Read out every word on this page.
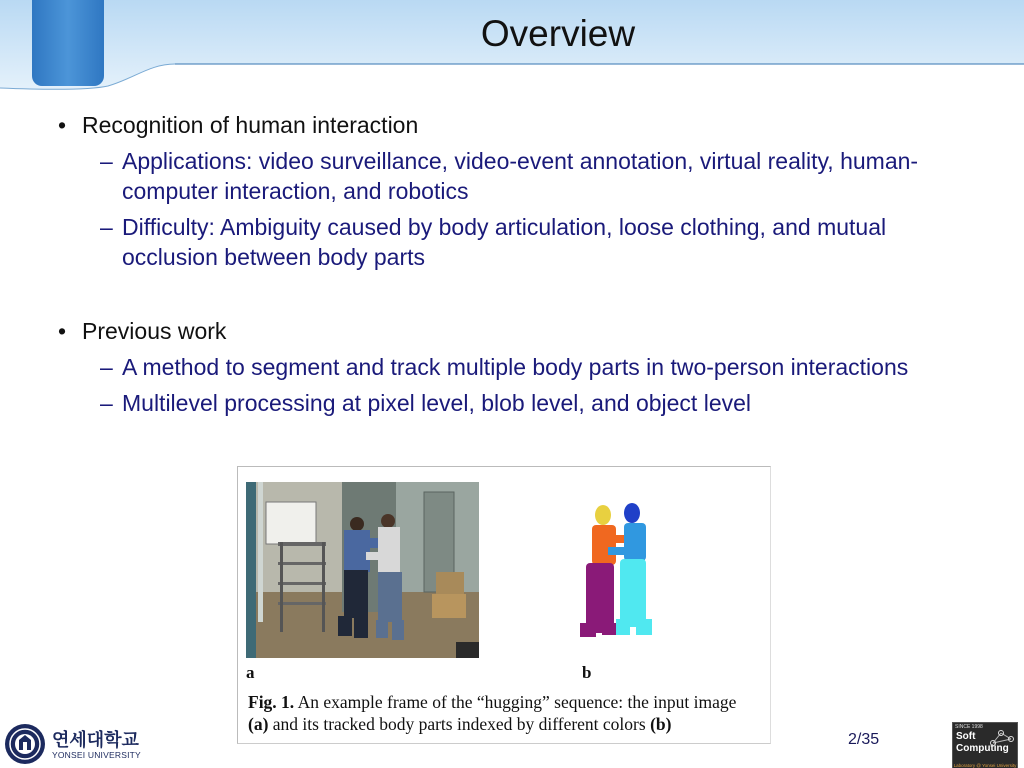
Overview
• Recognition of human interaction
– Applications: video surveillance, video-event annotation, virtual reality, human-computer interaction, and robotics
– Difficulty: Ambiguity caused by body articulation, loose clothing, and mutual occlusion between body parts
• Previous work
– A method to segment and track multiple body parts in two-person interactions
– Multilevel processing at pixel level, blob level, and object level
a	b
Fig. 1. An example frame of the “hugging” sequence: the input image
(a) and its tracked body parts indexed by different colors (b)
2/35
연세대학교
YONSEI UNIVERSITY
SINCE 1998
Soft
Computing
Laboratory @ Yonsei University
